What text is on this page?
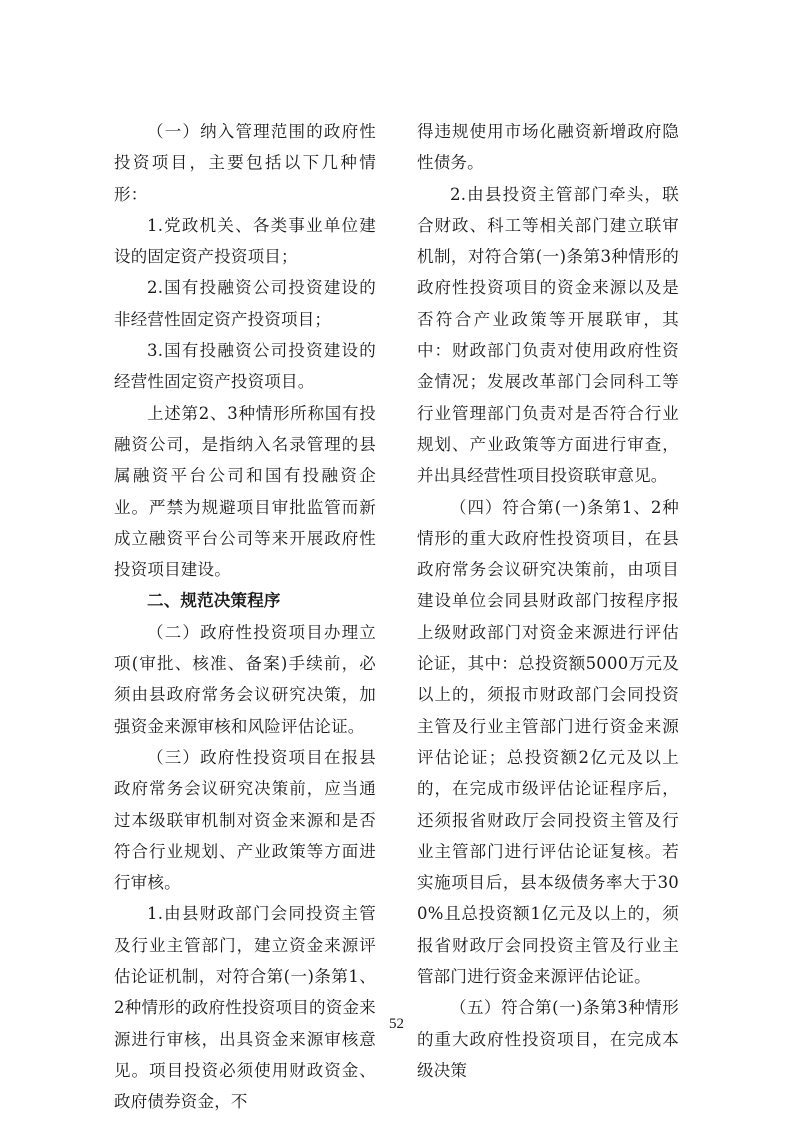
（一）纳入管理范围的政府性投资项目，主要包括以下几种情形：

1.党政机关、各类事业单位建设的固定资产投资项目；

2.国有投融资公司投资建设的非经营性固定资产投资项目；

3.国有投融资公司投资建设的经营性固定资产投资项目。

上述第2、3种情形所称国有投融资公司，是指纳入名录管理的县属融资平台公司和国有投融资企业。严禁为规避项目审批监管而新成立融资平台公司等来开展政府性投资项目建设。

二、规范决策程序

（二）政府性投资项目办理立项(审批、核准、备案)手续前，必须由县政府常务会议研究决策，加强资金来源审核和风险评估论证。

（三）政府性投资项目在报县政府常务会议研究决策前，应当通过本级联审机制对资金来源和是否符合行业规划、产业政策等方面进行审核。

1.由县财政部门会同投资主管及行业主管部门，建立资金来源评估论证机制，对符合第(一)条第1、2种情形的政府性投资项目的资金来源进行审核，出具资金来源审核意见。项目投资必须使用财政资金、政府债券资金，不

得违规使用市场化融资新增政府隐性债务。

2.由县投资主管部门牵头，联合财政、科工等相关部门建立联审机制，对符合第(一)条第3种情形的政府性投资项目的资金来源以及是否符合产业政策等开展联审，其中：财政部门负责对使用政府性资金情况；发展改革部门会同科工等行业管理部门负责对是否符合行业规划、产业政策等方面进行审查，并出具经营性项目投资联审意见。

（四）符合第(一)条第1、2种情形的重大政府性投资项目，在县政府常务会议研究决策前，由项目建设单位会同县财政部门按程序报上级财政部门对资金来源进行评估论证，其中：总投资额5000万元及以上的，须报市财政部门会同投资主管及行业主管部门进行资金来源评估论证；总投资额2亿元及以上的，在完成市级评估论证程序后，还须报省财政厅会同投资主管及行业主管部门进行评估论证复核。若实施项目后，县本级债务率大于300%且总投资额1亿元及以上的，须报省财政厅会同投资主管及行业主管部门进行资金来源评估论证。

（五）符合第(一)条第3种情形的重大政府性投资项目，在完成本级决策

52
